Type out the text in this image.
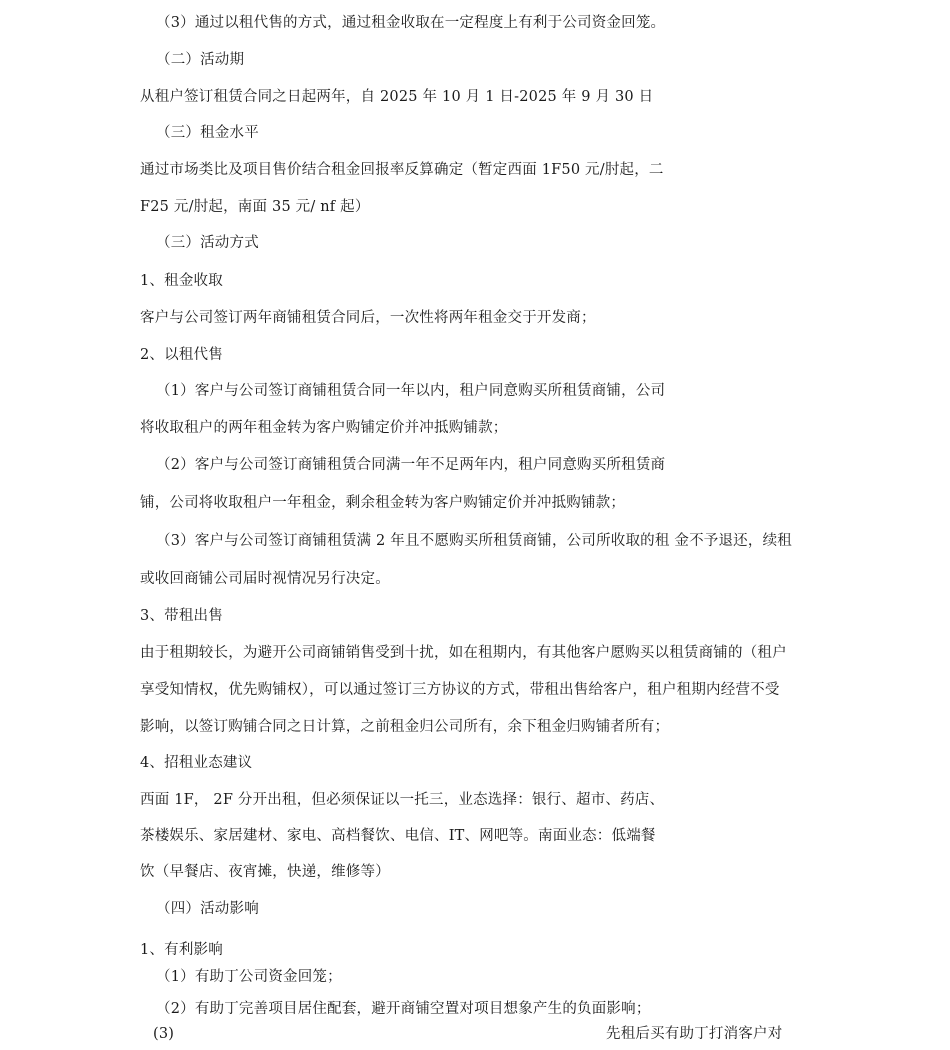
（3）通过以租代售的方式，通过租金收取在一定程度上有利于公司资金回笼。
（二）活动期
从租户签订租赁合同之日起两年，自 2025 年 10 月 1 日-2025 年 9 月 30 日
（三）租金水平
通过市场类比及项目售价结合租金回报率反算确定（暂定西面 1F50 元/肘起，二
F25 元/肘起，南面 35 元/ nf 起）
（三）活动方式
1、租金收取
客户与公司签订两年商铺租赁合同后，一次性将两年租金交于开发商；
2、以租代售
（1）客户与公司签订商铺租赁合同一年以内，租户同意购买所租赁商铺，公司
将收取租户的两年租金转为客户购铺定价并冲抵购铺款；
（2）客户与公司签订商铺租赁合同满一年不足两年内，租户同意购买所租赁商
铺，公司将收取租户一年租金，剩余租金转为客户购铺定价并冲抵购铺款；
（3）客户与公司签订商铺租赁满 2 年且不愿购买所租赁商铺，公司所收取的租 金不予退还，续租
或收回商铺公司届时视情况另行决定。
3、带租出售
由于租期较长，为避开公司商铺销售受到十扰，如在租期内，有其他客户愿购买以租赁商铺的（租户
享受知情权，优先购铺权），可以通过签订三方协议的方式，带租出售给客户，租户租期内经营不受
影响，以签订购铺合同之日计算，之前租金归公司所有，余下租金归购铺者所有；
4、招租业态建议
西面 1F， 2F 分开出租，但必须保证以一托三，业态选择：银行、超市、药店、
茶楼娱乐、家居建材、家电、高档餐饮、电信、IT、网吧等。南面业态：低端餐
饮（早餐店、夜宵摊，快递，维修等）
（四）活动影响
1、有利影响
（1）有助丁公司资金回笼；
（2）有助丁完善项目居住配套，避开商铺空置对项目想象产生的负面影响；
(3)	先租后买有助丁打消客户对
